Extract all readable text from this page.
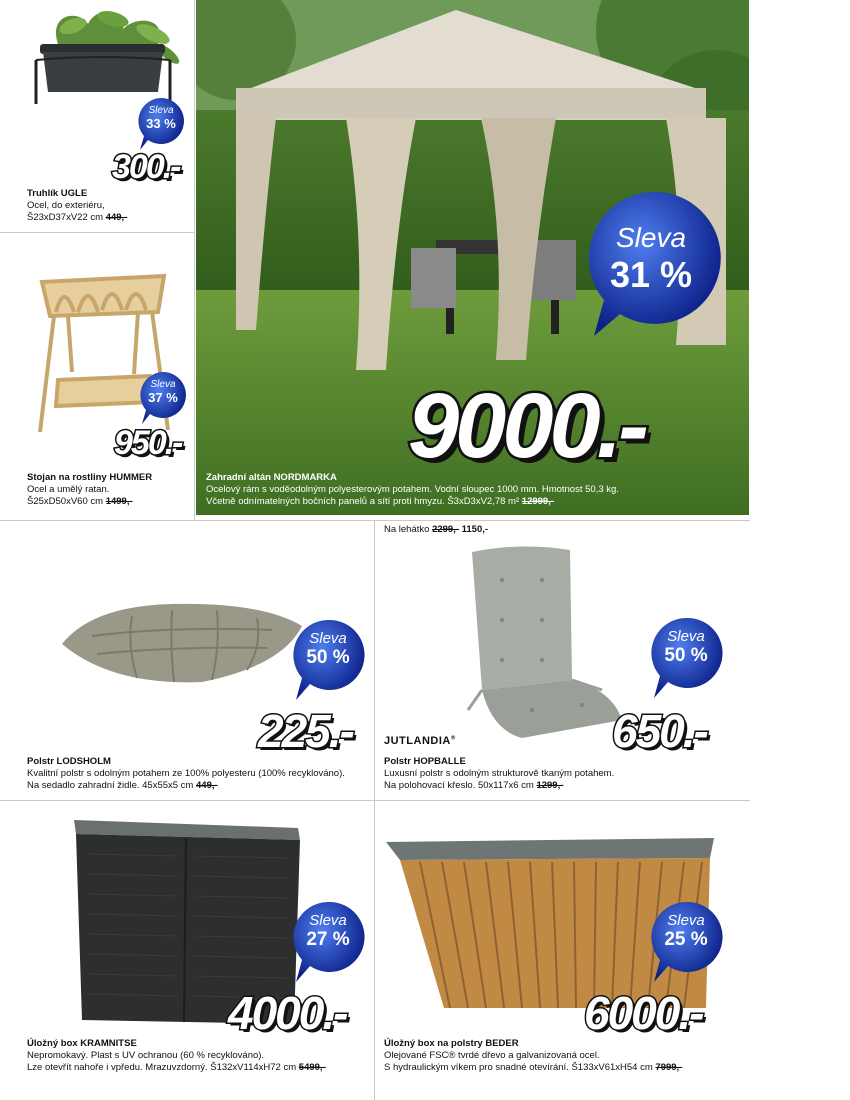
Sleva
33 %
300.-
Truhlík UGLE
Ocel, do exteriéru,
Š23xD37xV22 cm 449,-
Sleva
37 %
950.-
Stojan na rostliny HUMMER
Ocel a umělý ratan.
Š25xD50xV60 cm 1499,-
Sleva
31 %
9000.-
Zahradní altán NORDMARKA
Ocelový rám s voděodolným polyesterovým potahem. Vodní sloupec 1000 mm. Hmotnost 50,3 kg.
Včetně odnímatelných bočních panelů a sítí proti hmyzu. Š3xD3xV2,78 m² 12999,-
Sleva
50 %
225.-
Polstr LODSHOLM
Kvalitní polstr s odolným potahem ze 100% polyesteru (100% recyklováno).
Na sedadlo zahradní židle. 45x55x5 cm 449,-
Na lehátko 2299,- 1150,-
Sleva
50 %
650.-
JUTLANDIA®
Polstr HOPBALLE
Luxusní polstr s odolným strukturově tkaným potahem.
Na polohovací křeslo. 50x117x6 cm 1299,-
Sleva
27 %
4000.-
Úložný box KRAMNITSE
Nepromokavý. Plast s UV ochranou (60 % recyklováno).
Lze otevřít nahoře i vpředu. Mrazuvzdorný. Š132xV114xH72 cm 5499,-
Sleva
25 %
6000.-
Úložný box na polstry BEDER
Olejované FSC® tvrdé dřevo a galvanizovaná ocel.
S hydraulickým víkem pro snadné otevírání. Š133xV61xH54 cm 7999,-
